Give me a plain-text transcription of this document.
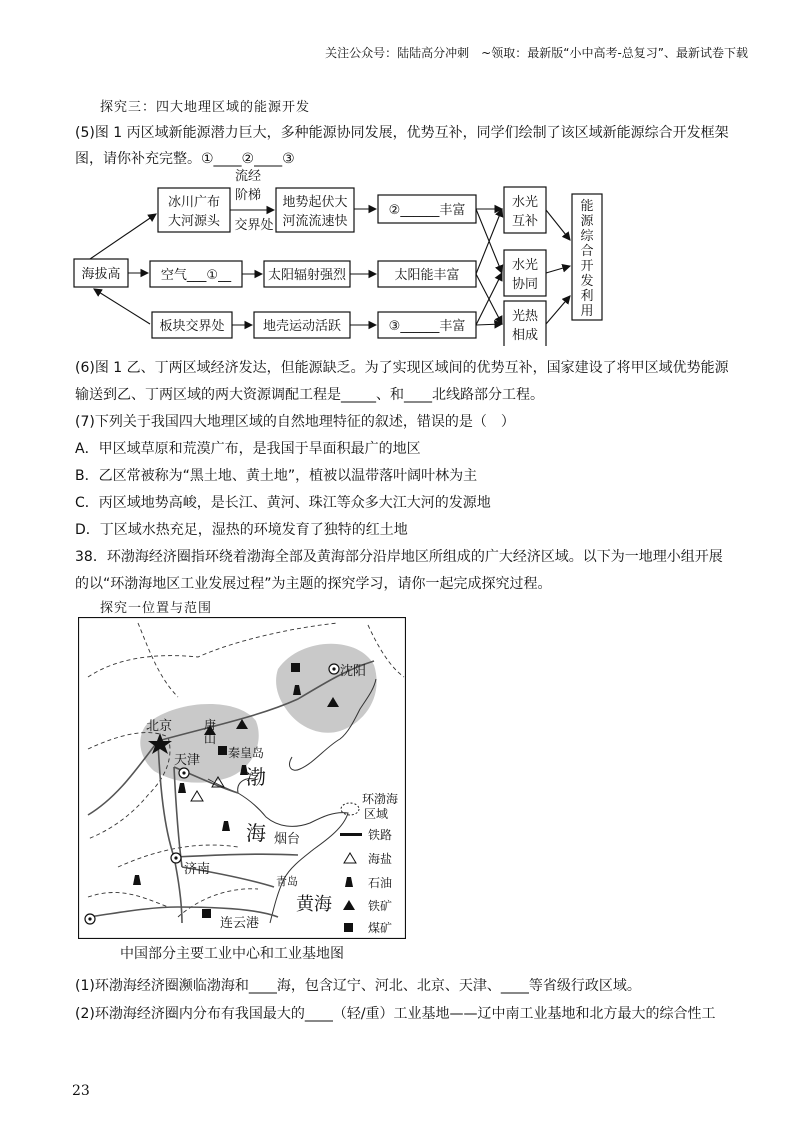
关注公众号：陆陆高分冲刺　~领取：最新版“小中高考-总复习”、最新试卷下载
探究三：四大地理区域的能源开发
(5)图 1 丙区域新能源潜力巨大，多种能源协同发展，优势互补，同学们绘制了该区域新能源综合开发框架
图，请你补充完整。①____②____③
海拔高
冰川广布
大河源头
流经
阶梯
交界处
地势起伏大
河流流速快
②______丰富
空气___①__	太阳辐射强烈	太阳能丰富
板块交界处	地壳运动活跃	③______丰富
水光
互补
水光
协同
光热
相成
能源综合开发利用
(6)图 1 乙、丁两区域经济发达，但能源缺乏。为了实现区域间的优势互补，国家建设了将甲区域优势能源
输送到乙、丁两区域的两大资源调配工程是_____、和____北线路部分工程。
(7)下列关于我国四大地理区域的自然地理特征的叙述，错误的是（　）
A．甲区域草原和荒漠广布，是我国于旱面积最广的地区
B．乙区常被称为“黑土地、黄土地”，植被以温带落叶阔叶林为主
C．丙区域地势高峻，是长江、黄河、珠江等众多大江大河的发源地
D．丁区域水热充足，湿热的环境发育了独特的红土地
38．环渤海经济圈指环绕着渤海全部及黄海部分沿岸地区所组成的广大经济区域。以下为一地理小组开展
的以“环渤海地区工业发展过程”为主题的探究学习，请你一起完成探究过程。
探究一位置与范围
沈阳
北京	唐
山
天津 秦皇岛
烟台
济南
青岛
连云港
渤
海
黄海
环渤海
区域
铁路
海盐
石油
铁矿
煤矿
中国部分主要工业中心和工业基地图
(1)环渤海经济圈濒临渤海和____海，包含辽宁、河北、北京、天津、____等省级行政区域。
(2)环渤海经济圈内分布有我国最大的____（轻/重）工业基地——辽中南工业基地和北方最大的综合性工
23
